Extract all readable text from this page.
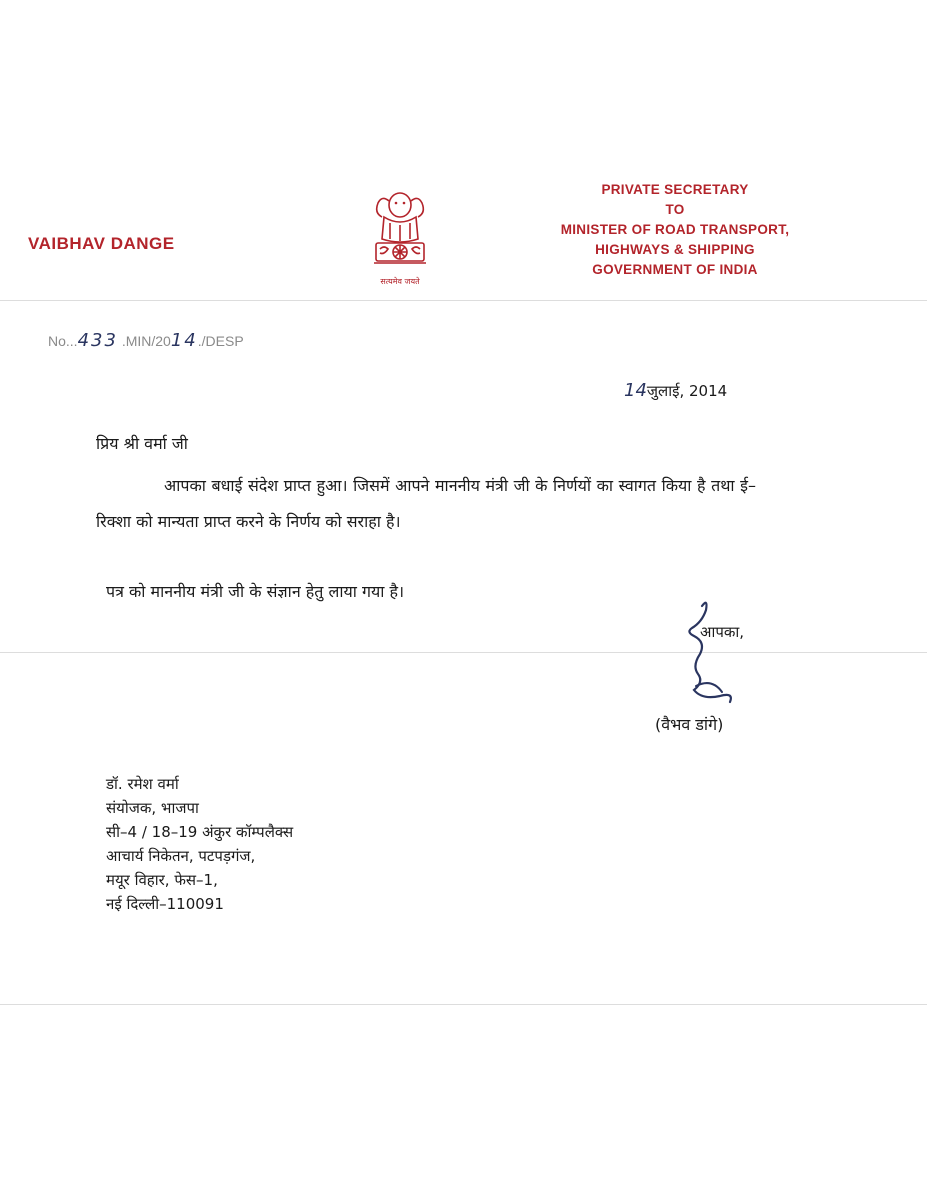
VAIBHAV DANGE
सत्यमेव जयते
PRIVATE SECRETARY
TO
MINISTER OF ROAD TRANSPORT,
HIGHWAYS & SHIPPING
GOVERNMENT OF INDIA
No...433 .MIN/2014./DESP
14जुलाई, 2014
प्रिय श्री वर्मा जी
आपका बधाई संदेश प्राप्त हुआ। जिसमें आपने माननीय मंत्री जी के निर्णयों का स्वागत किया है तथा ई–रिक्शा को मान्यता प्राप्त करने के निर्णय को सराहा है।
पत्र को माननीय मंत्री जी के संज्ञान हेतु लाया गया है।
आपका,
(वैभव डांगे)
डॉ. रमेश वर्मा
संयोजक, भाजपा
सी–4 / 18–19 अंकुर कॉम्पलैक्स
आचार्य निकेतन, पटपड़गंज,
मयूर विहार, फेस–1,
नई दिल्ली–110091
